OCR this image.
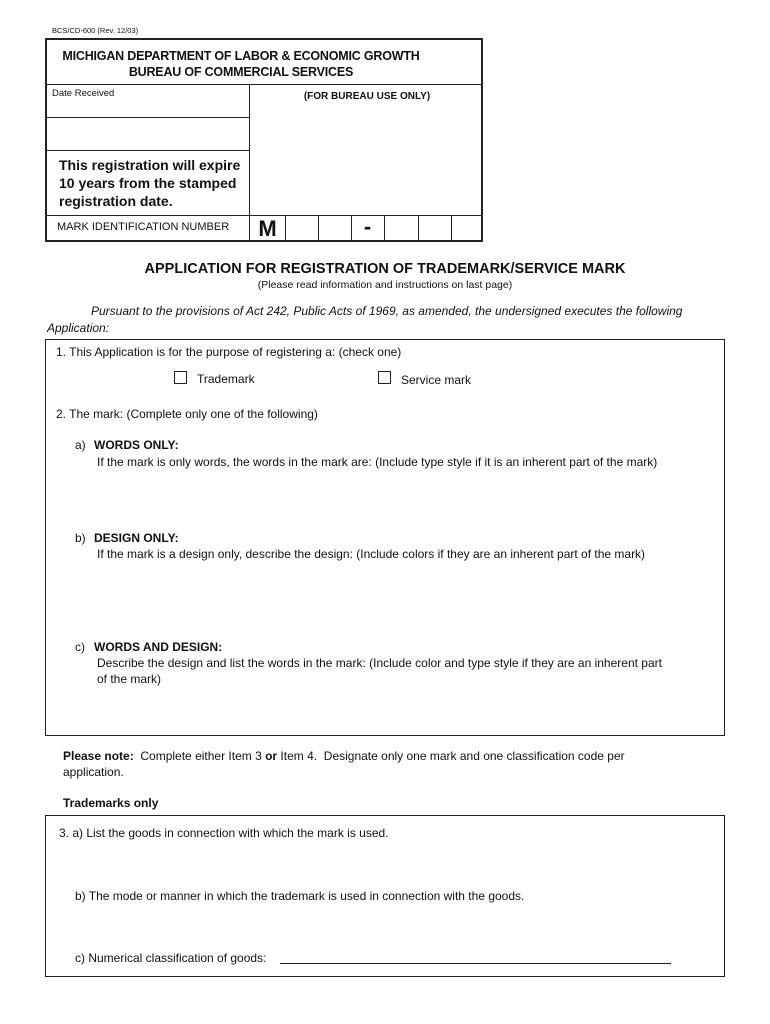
BCS/CD-600 (Rev. 12/03)
MICHIGAN DEPARTMENT OF LABOR & ECONOMIC GROWTH
BUREAU OF COMMERCIAL SERVICES
Date Received	(FOR BUREAU USE ONLY)
This registration will expire
10 years from the stamped
registration date.
MARK IDENTIFICATION NUMBER	M	-
APPLICATION FOR REGISTRATION OF TRADEMARK/SERVICE MARK
(Please read information and instructions on last page)
Pursuant to the provisions of Act 242, Public Acts of 1969, as amended, the undersigned executes the following Application:
1. This Application is for the purpose of registering a: (check one)
Trademark	Service mark
2. The mark: (Complete only one of the following)
a) WORDS ONLY:
If the mark is only words, the words in the mark are: (Include type style if it is an inherent part of the mark)
b) DESIGN ONLY:
If the mark is a design only, describe the design: (Include colors if they are an inherent part of the mark)
c) WORDS AND DESIGN:
Describe the design and list the words in the mark: (Include color and type style if they are an inherent part
of the mark)
Please note:  Complete either Item 3 or Item 4.  Designate only one mark and one classification code per
application.
Trademarks only
3. a) List the goods in connection with which the mark is used.
b) The mode or manner in which the trademark is used in connection with the goods.
c) Numerical classification of goods:
